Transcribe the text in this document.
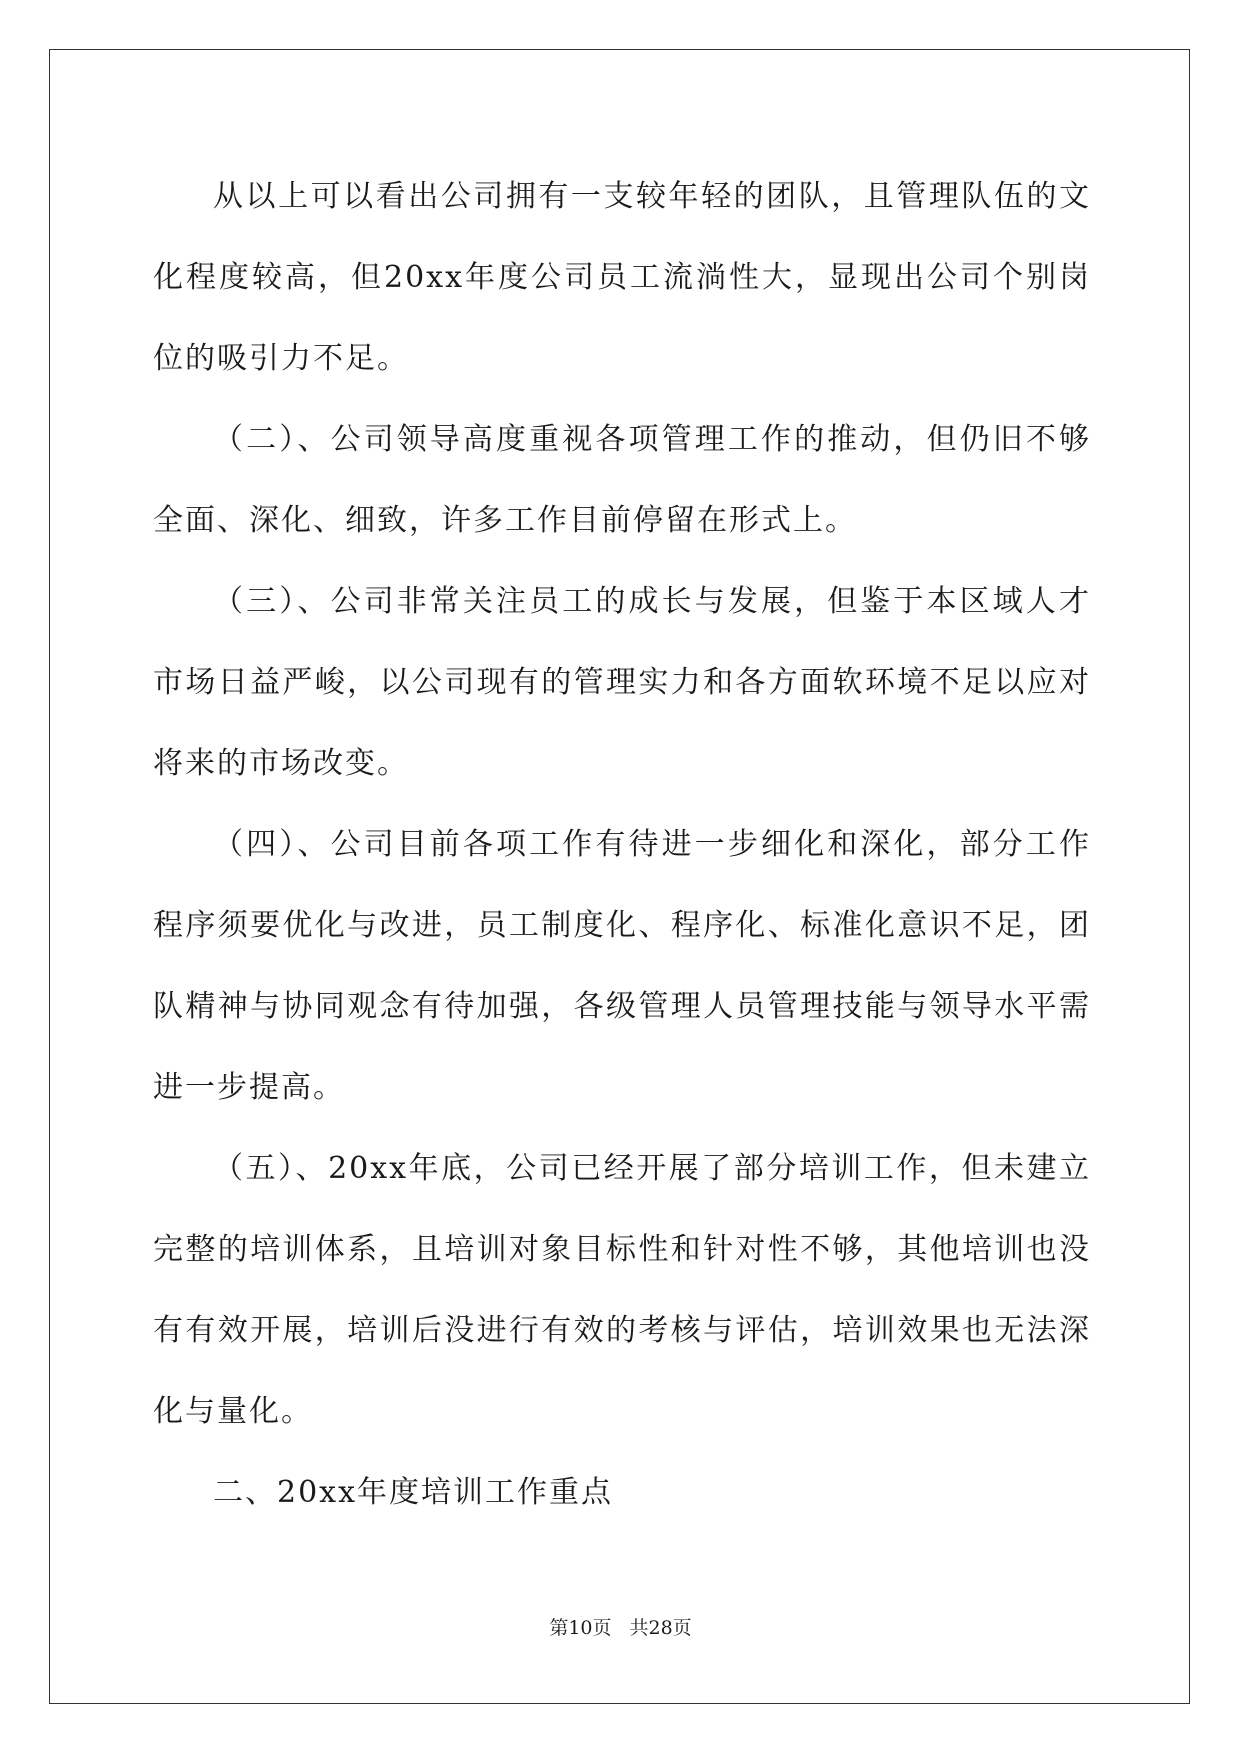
从以上可以看出公司拥有一支较年轻的团队，且管理队伍的文化程度较高，但20xx年度公司员工流淌性大，显现出公司个别岗位的吸引力不足。

（二）、公司领导高度重视各项管理工作的推动，但仍旧不够全面、深化、细致，许多工作目前停留在形式上。

（三）、公司非常关注员工的成长与发展，但鉴于本区域人才市场日益严峻，以公司现有的管理实力和各方面软环境不足以应对将来的市场改变。

（四）、公司目前各项工作有待进一步细化和深化，部分工作程序须要优化与改进，员工制度化、程序化、标准化意识不足，团队精神与协同观念有待加强，各级管理人员管理技能与领导水平需进一步提高。

（五）、20xx年底，公司已经开展了部分培训工作，但未建立完整的培训体系，且培训对象目标性和针对性不够，其他培训也没有有效开展，培训后没进行有效的考核与评估，培训效果也无法深化与量化。

二、20xx年度培训工作重点

第10页 共28页
